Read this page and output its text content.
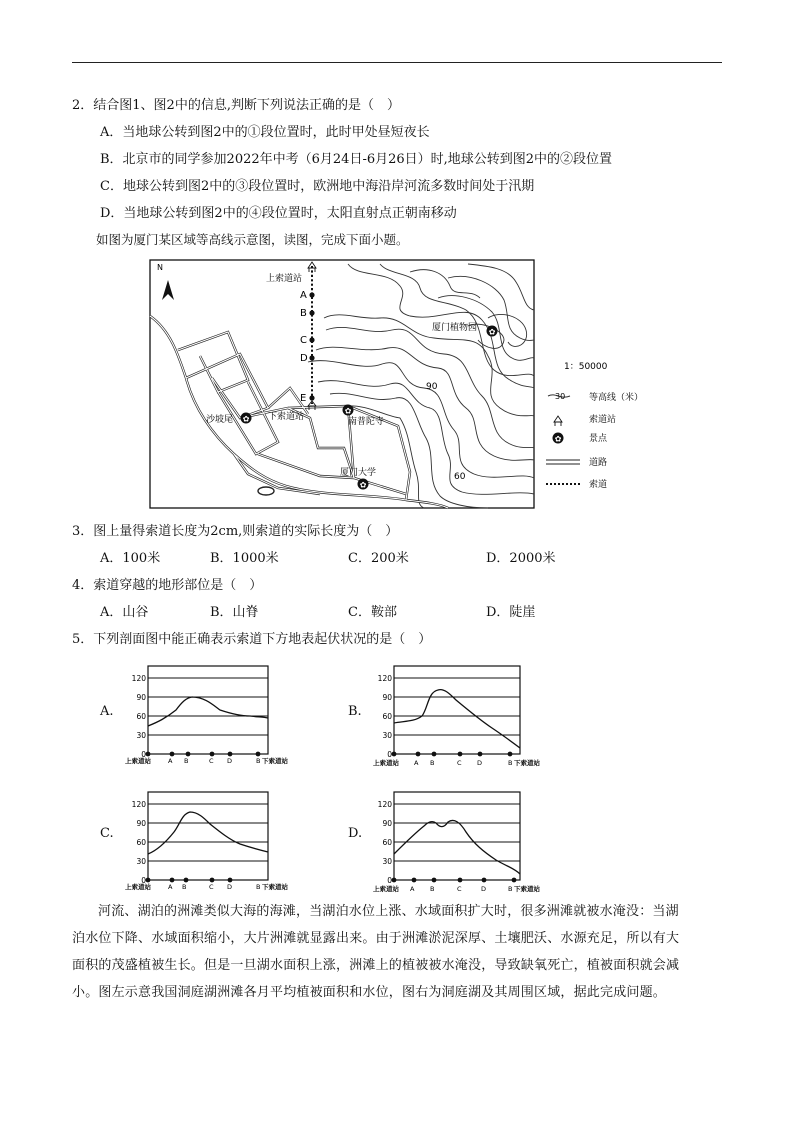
2．结合图1、图2中的信息,判断下列说法正确的是（　）
A．当地球公转到图2中的①段位置时，此时甲处昼短夜长
B．北京市的同学参加2022年中考（6月24日-6月26日）时,地球公转到图2中的②段位置
C．地球公转到图2中的③段位置时，欧洲地中海沿岸河流多数时间处于汛期
D．当地球公转到图2中的④段位置时，太阳直射点正朝南移动
如图为厦门某区域等高线示意图，读图，完成下面小题。
N
A
B
C
D
E
上索道站
下索道站
厦门植物园
沙坡尾	南普陀寺
厦门大学
90
60
✿
✿
✿
✿
1：50000
30	等高线（米）
索道站
✿	景点
道路
索道
3．图上量得索道长度为2cm,则索道的实际长度为（　）
A．100米	B．1000米	C．200米	D．2000米
4．索道穿越的地形部位是（　）
A．山谷	B．山脊	C．鞍部	D．陡崖
5．下列剖面图中能正确表示索道下方地表起伏状况的是（　）
A.	B.
C.	D.
120
90
60
30
0
上索道站	A B	C D	B 下索道站
120
90
60
30
0
上索道站 A B	C D	B 下索道站
120
90
60
30
0
上索道站	A B	C D	B 下索道站
120
90
60
30
0
上索道站 A B	C	D	B 下索道站
河流、湖泊的洲滩类似大海的海滩，当湖泊水位上涨、水域面积扩大时，很多洲滩就被水淹没：当湖
泊水位下降、水域面积缩小，大片洲滩就显露出来。由于洲滩淤泥深厚、土壤肥沃、水源充足，所以有大
面积的茂盛植被生长。但是一旦湖水面积上涨，洲滩上的植被被水淹没，导致缺氧死亡，植被面积就会减
小。图左示意我国洞庭湖洲滩各月平均植被面积和水位，图右为洞庭湖及其周围区域，据此完成问题。
